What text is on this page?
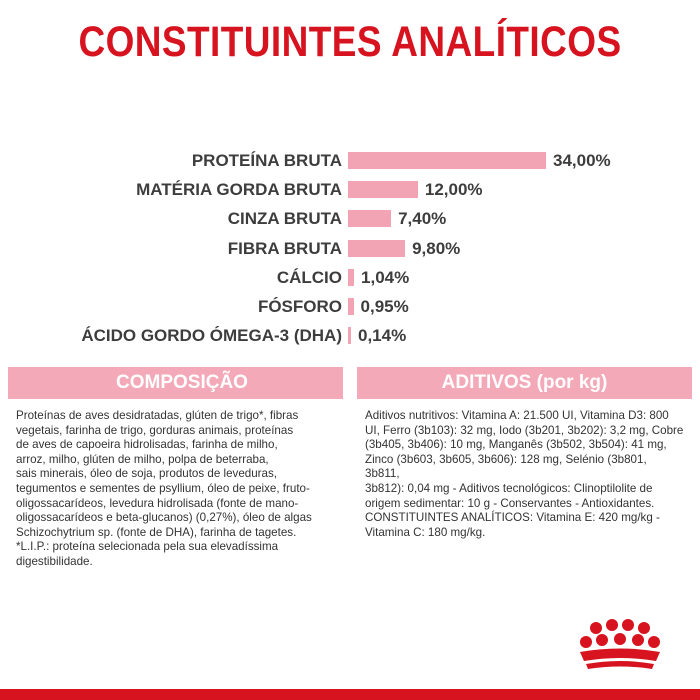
CONSTITUINTES ANALÍTICOS
PROTEÍNA BRUTA	34,00%
MATÉRIA GORDA BRUTA	12,00%
CINZA BRUTA	7,40%
FIBRA BRUTA	9,80%
CÁLCIO 1,04%
FÓSFORO 0,95%
ÁCIDO GORDO ÓMEGA-3 (DHA) 0,14%
COMPOSIÇÃO

Proteínas de aves desidratadas, glúten de trigo*, fibras
vegetais, farinha de trigo, gorduras animais, proteínas
de aves de capoeira hidrolisadas, farinha de milho,
arroz, milho, glúten de milho, polpa de beterraba,
sais minerais, óleo de soja, produtos de leveduras,
tegumentos e sementes de psyllium, óleo de peixe, fruto-
oligossacarídeos, levedura hidrolisada (fonte de mano-
oligossacarídeos e beta-glucanos) (0,27%), óleo de algas
Schizochytrium sp. (fonte de DHA), farinha de tagetes.
*L.I.P.: proteína selecionada pela sua elevadíssima
digestibilidade.

ADITIVOS (por kg)

Aditivos nutritivos: Vitamina A: 21.500 UI, Vitamina D3: 800
UI, Ferro (3b103): 32 mg, Iodo (3b201, 3b202): 3,2 mg, Cobre
(3b405, 3b406): 10 mg, Manganês (3b502, 3b504): 41 mg,
Zinco (3b603, 3b605, 3b606): 128 mg, Selénio (3b801, 3b811,
3b812): 0,04 mg - Aditivos tecnológicos: Clinoptilolite de
origem sedimentar: 10 g - Conservantes - Antioxidantes.
CONSTITUINTES ANALÍTICOS: Vitamina E: 420 mg/kg -
Vitamina C: 180 mg/kg.
